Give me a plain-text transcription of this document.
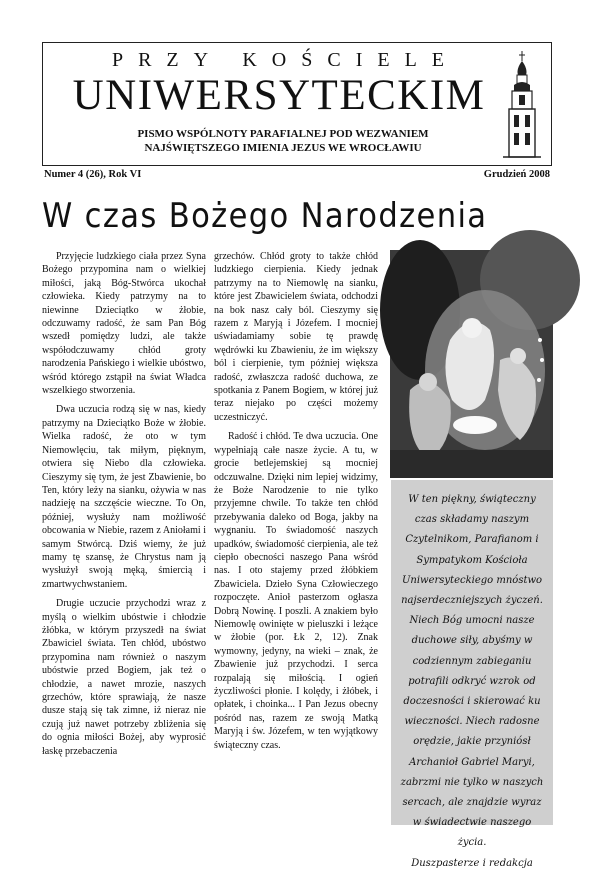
PRZY KOŚCIELE
UNIWERSYTECKIM
PISMO WSPÓLNOTY PARAFIALNEJ POD WEZWANIEM
NAJŚWIĘTSZEGO IMIENIA JEZUS WE WROCŁAWIU
Numer 4 (26), Rok VI	Grudzień 2008
W czas Bożego Narodzenia

Przyjęcie ludzkiego ciała przez Syna Bożego przypomina nam o wielkiej miłości, jaką Bóg-Stwórca ukochał człowieka. Kiedy patrzymy na to niewinne Dzieciątko w żłobie, odczuwamy radość, że sam Pan Bóg wszedł pomiędzy ludzi, ale także współodczuwamy chłód groty narodzenia Pańskiego i wielkie ubóstwo, wśród którego zstąpił na świat Władca wszelkiego stworzenia.

Dwa uczucia rodzą się w nas, kiedy patrzymy na Dzieciątko Boże w żłobie. Wielka radość, że oto w tym Niemowlęciu, tak miłym, pięknym, otwiera się Niebo dla człowieka. Cieszymy się tym, że jest Zbawienie, bo Ten, który leży na sianku, ożywia w nas nadzieję na szczęście wieczne. To On, później, wysłuży nam możliwość obcowania w Niebie, razem z Aniołami i samym Stwórcą. Dziś wiemy, że już mamy tę szansę, że Chrystus nam ją wysłużył swoją męką, śmiercią i zmartwychwstaniem.

Drugie uczucie przychodzi wraz z myślą o wielkim ubóstwie i chłodzie żłóbka, w którym przyszedł na świat Zbawiciel świata. Ten chłód, ubóstwo przypomina nam również o naszym ubóstwie przed Bogiem, jak też o chłodzie, a nawet mrozie, naszych grzechów, które sprawiają, że nasze dusze stają się tak zimne, iż nieraz nie czują już nawet potrzeby zbliżenia się do ognia miłości Bożej, aby wyprosić łaskę przebaczenia

grzechów. Chłód groty to także chłód ludzkiego cierpienia. Kiedy jednak patrzymy na to Niemowlę na sianku, które jest Zbawicielem świata, odchodzi na bok nasz cały ból. Cieszymy się razem z Maryją i Józefem. I mocniej uświadamiamy sobie tę prawdę wędrówki ku Zbawieniu, że im większy ból i cierpienie, tym później większa radość, zwłaszcza radość duchowa, ze spotkania z Panem Bogiem, w której już teraz niejako po części możemy uczestniczyć.

Radość i chłód. Te dwa uczucia. One wypełniają całe nasze życie. A tu, w grocie betlejemskiej są mocniej odczuwalne. Dzięki nim lepiej widzimy, że Boże Narodzenie to nie tylko przyjemne chwile. To także ten chłód przebywania daleko od Boga, jakby na wygnaniu. To świadomość naszych upadków, świadomość cierpienia, ale też ciepło obecności naszego Pana wśród nas. I oto stajemy przed żłóbkiem Zbawiciela. Dzieło Syna Człowieczego rozpoczęte. Anioł pasterzom ogłasza Dobrą Nowinę. I poszli. A znakiem było Niemowlę owinięte w pieluszki i leżące w żłobie (por. Łk 2, 12). Znak wymowny, jedyny, na wieki – znak, że Zbawienie już przychodzi. I serca rozpalają się miłością. I ogień życzliwości płonie. I kolędy, i żłóbek, i opłatek, i choinka... I Pan Jezus obecny pośród nas, razem ze swoją Matką Maryją i św. Józefem, w ten wyjątkowy świąteczny czas.

W ten piękny, świąteczny czas składamy naszym Czytelnikom, Parafianom i Sympatykom Kościoła Uniwersyteckiego mnóstwo najserdeczniejszych życzeń. Niech Bóg umocni nasze duchowe siły, abyśmy w codziennym zabieganiu potrafili odkryć wzrok od doczesności i skierować ku wieczności. Niech radosne orędzie, jakie przyniósł Archanioł Gabriel Maryi, zabrzmi nie tylko w naszych sercach, ale znajdzie wyraz w świadectwie naszego życia.
Duszpasterze i redakcja
